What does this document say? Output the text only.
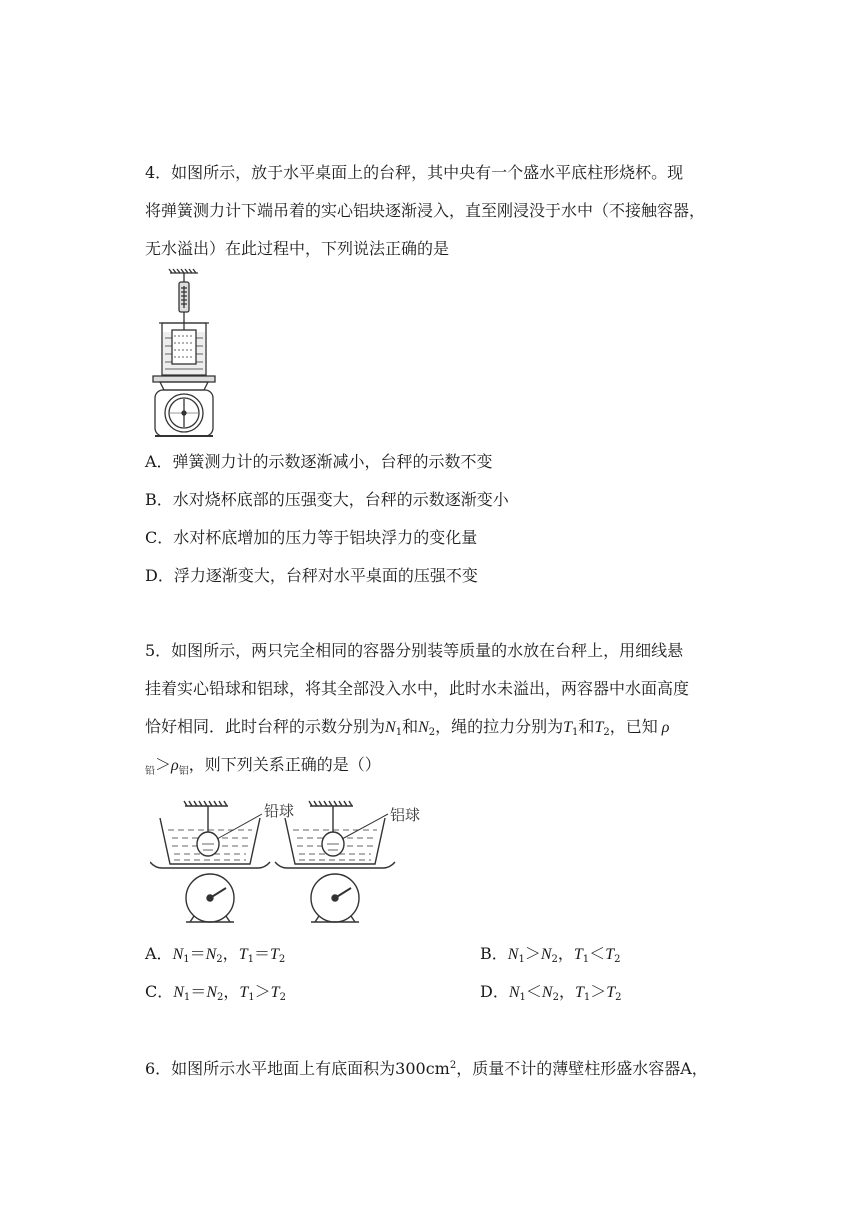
4．如图所示，放于水平桌面上的台秤，其中央有一个盛水平底柱形烧杯。现
将弹簧测力计下端吊着的实心铝块逐渐浸入，直至刚浸没于水中（不接触容器，
无水溢出）在此过程中，下列说法正确的是
A．弹簧测力计的示数逐渐减小，台秤的示数不变
B．水对烧杯底部的压强变大，台秤的示数逐渐变小
C．水对杯底增加的压力等于铝块浮力的变化量
D．浮力逐渐变大，台秤对水平桌面的压强不变
5．如图所示，两只完全相同的容器分别装等质量的水放在台秤上，用细线悬
挂着实心铅球和铝球，将其全部没入水中，此时水未溢出，两容器中水面高度
恰好相同．此时台秤的示数分别为$N_1$和$N_2$，绳的拉力分别为$T_1$和$T_2$，已知 ρ
$_铅>\rho_铝$，则下列关系正确的是（）
铅球	铝球
A．$N_1=N_2$，$T_1=T_2$	B．$N_1>N_2$，$T_1<T_2$
C．$N_1=N_2$，$T_1>T_2$	D．$N_1<N_2$，$T_1>T_2$
6．如图所示水平地面上有底面积为$300cm^2$，质量不计的薄壁柱形盛水容器A，
